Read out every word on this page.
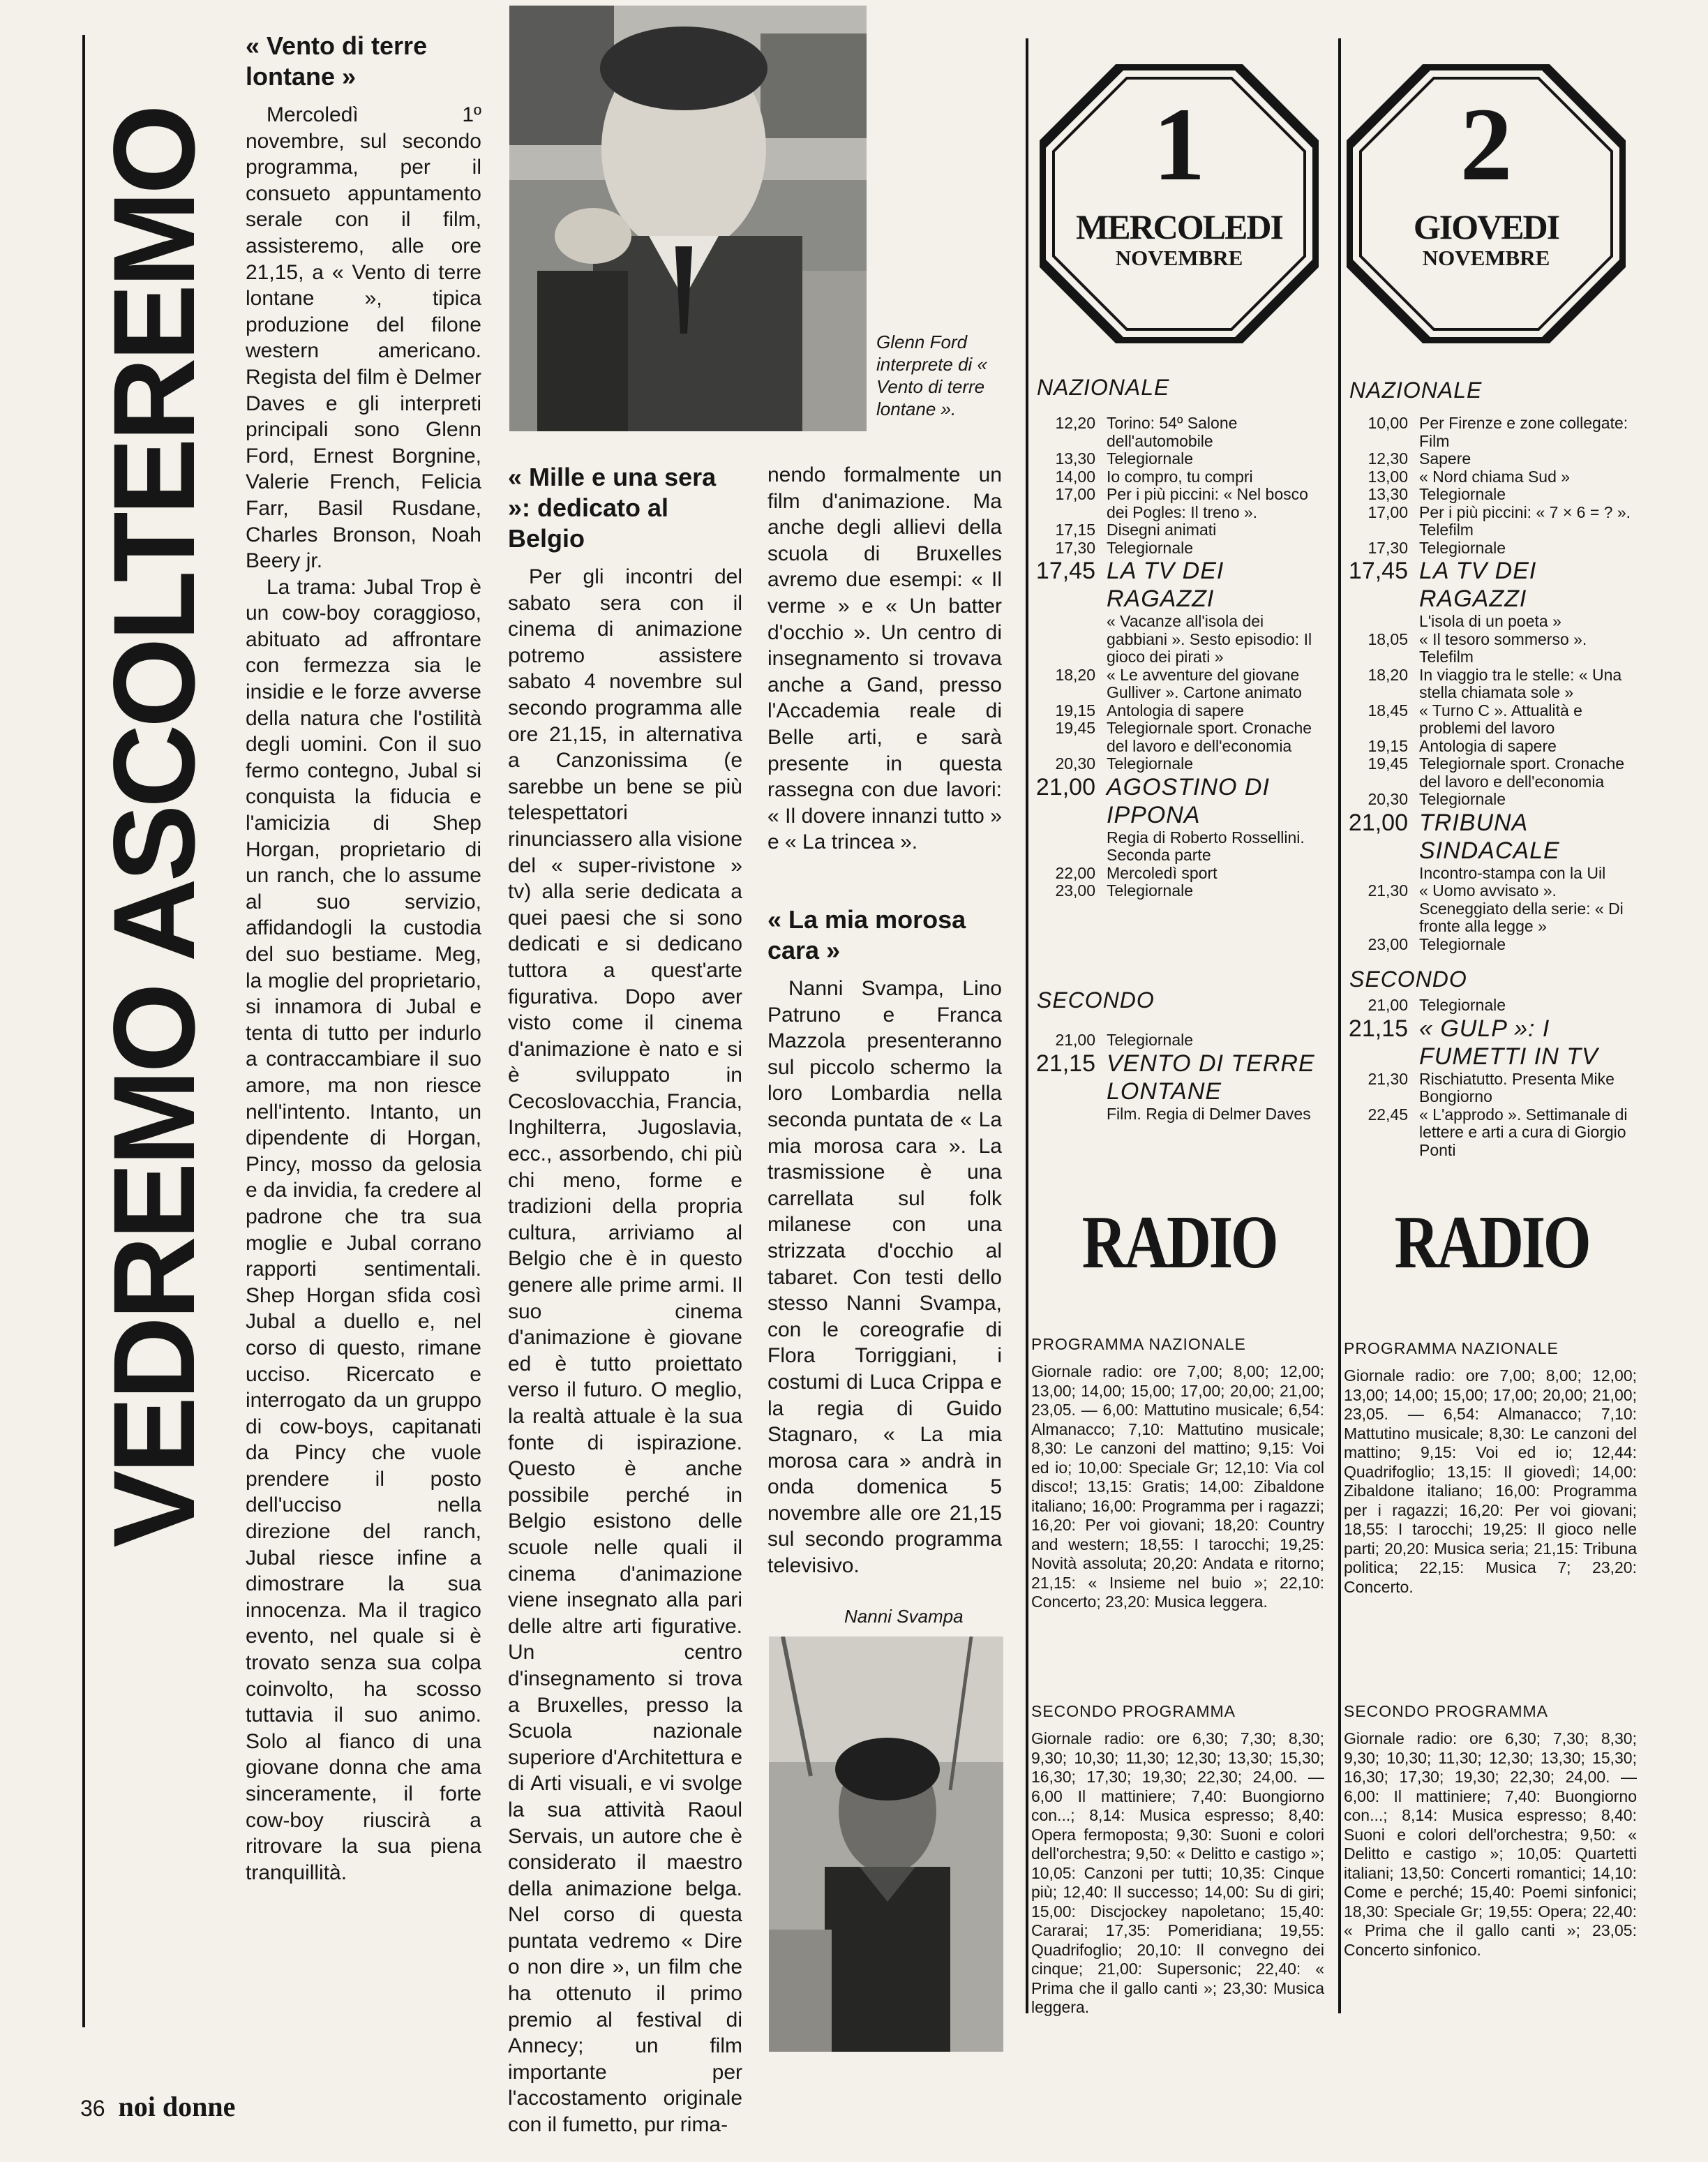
VEDREMO ASCOLTEREMO
« Vento di terre lontane »

Mercoledì 1º novembre, sul secondo programma, per il consueto appuntamento serale con il film, assisteremo, alle ore 21,15, a « Vento di terre lontane », tipica produzione del filone western americano. Regista del film è Delmer Daves e gli interpreti principali sono Glenn Ford, Ernest Borgnine, Valerie French, Felicia Farr, Basil Rusdane, Charles Bronson, Noah Beery jr.

La trama: Jubal Trop è un cow-boy coraggioso, abituato ad affrontare con fermezza sia le insidie e le forze avverse della natura che l'ostilità degli uomini. Con il suo fermo contegno, Jubal si conquista la fiducia e l'amicizia di Shep Horgan, proprietario di un ranch, che lo assume al suo servizio, affidandogli la custodia del suo bestiame. Meg, la moglie del proprietario, si innamora di Jubal e tenta di tutto per indurlo a contraccambiare il suo amore, ma non riesce nell'intento. Intanto, un dipendente di Horgan, Pincy, mosso da gelosia e da invidia, fa credere al padrone che tra sua moglie e Jubal corrano rapporti sentimentali. Shep Horgan sfida così Jubal a duello e, nel corso di questo, rimane ucciso. Ricercato e interrogato da un gruppo di cow-boys, capitanati da Pincy che vuole prendere il posto dell'ucciso nella direzione del ranch, Jubal riesce infine a dimostrare la sua innocenza. Ma il tragico evento, nel quale si è trovato senza sua colpa coinvolto, ha scosso tuttavia il suo animo. Solo al fianco di una giovane donna che ama sinceramente, il forte cow-boy riuscirà a ritrovare la sua piena tranquillità.

Glenn Ford interprete di « Vento di terre lontane ».
« Mille e una sera »: dedicato al Belgio

Per gli incontri del sabato sera con il cinema di animazione potremo assistere sabato 4 novembre sul secondo programma alle ore 21,15, in alternativa a Canzonissima (e sarebbe un bene se più telespettatori rinunciassero alla visione del « super-rivistone » tv) alla serie dedicata a quei paesi che si sono dedicati e si dedicano tuttora a quest'arte figurativa. Dopo aver visto come il cinema d'animazione è nato e si è sviluppato in Cecoslovacchia, Francia, Inghilterra, Jugoslavia, ecc., assorbendo, chi più chi meno, forme e tradizioni della propria cultura, arriviamo al Belgio che è in questo genere alle prime armi. Il suo cinema d'animazione è giovane ed è tutto proiettato verso il futuro. O meglio, la realtà attuale è la sua fonte di ispirazione. Questo è anche possibile perché in Belgio esistono delle scuole nelle quali il cinema d'animazione viene insegnato alla pari delle altre arti figurative. Un centro d'insegnamento si trova a Bruxelles, presso la Scuola nazionale superiore d'Architettura e di Arti visuali, e vi svolge la sua attività Raoul Servais, un autore che è considerato il maestro della animazione belga. Nel corso di questa puntata vedremo « Dire o non dire », un film che ha ottenuto il primo premio al festival di Annecy; un film importante per l'accostamento originale con il fumetto, pur rima-

nendo formalmente un film d'animazione. Ma anche degli allievi della scuola di Bruxelles avremo due esempi: « Il verme » e « Un batter d'occhio ». Un centro di insegnamento si trovava anche a Gand, presso l'Accademia reale di Belle arti, e sarà presente in questa rassegna con due lavori: « Il dovere innanzi tutto » e « La trincea ».

« La mia morosa cara »

Nanni Svampa, Lino Patruno e Franca Mazzola presenteranno sul piccolo schermo la loro Lombardia nella seconda puntata de « La mia morosa cara ». La trasmissione è una carrellata sul folk milanese con una strizzata d'occhio al tabaret. Con testi dello stesso Nanni Svampa, con le coreografie di Flora Torriggiani, i costumi di Luca Crippa e la regia di Guido Stagnaro, « La mia morosa cara » andrà in onda domenica 5 novembre alle ore 21,15 sul secondo programma televisivo.

Nanni Svampa
1
MERCOLEDI
NOVEMBRE
2
GIOVEDI
NOVEMBRE
NAZIONALE
12,20 Torino: 54º Salone dell'automobile
13,30 Telegiornale
14,00 Io compro, tu compri
17,00 Per i più piccini: « Nel bosco dei Pogles: Il treno ».
17,15 Disegni animati
17,30 Telegiornale
17,45 LA TV DEI RAGAZZI
« Vacanze all'isola dei gabbiani ». Sesto episodio: Il gioco dei pirati »
18,20 « Le avventure del giovane Gulliver ». Cartone animato
19,15 Antologia di sapere
19,45 Telegiornale sport. Cronache del lavoro e dell'economia
20,30 Telegiornale
21,00 AGOSTINO DI IPPONA
Regia di Roberto Rossellini. Seconda parte
22,00 Mercoledì sport
23,00 Telegiornale
SECONDO
21,00 Telegiornale
21,15 VENTO DI TERRE LONTANE
Film. Regia di Delmer Daves
NAZIONALE
10,00 Per Firenze e zone collegate: Film
12,30 Sapere
13,00 « Nord chiama Sud »
13,30 Telegiornale
17,00 Per i più piccini: « 7 × 6 = ? ». Telefilm
17,30 Telegiornale
17,45 LA TV DEI RAGAZZI
L'isola di un poeta »
18,05 « Il tesoro sommerso ». Telefilm
18,20 In viaggio tra le stelle: « Una stella chiamata sole »
18,45 « Turno C ». Attualità e problemi del lavoro
19,15 Antologia di sapere
19,45 Telegiornale sport. Cronache del lavoro e dell'economia
20,30 Telegiornale
21,00 TRIBUNA SINDACALE
Incontro-stampa con la Uil
21,30 « Uomo avvisato ». Sceneggiato della serie: « Di fronte alla legge »
23,00 Telegiornale
SECONDO
21,00 Telegiornale
21,15 « GULP »: I FUMETTI IN TV
21,30 Rischiatutto. Presenta Mike Bongiorno
22,45 « L'approdo ». Settimanale di lettere e arti a cura di Giorgio Ponti
RADIO
PROGRAMMA NAZIONALE
Giornale radio: ore 7,00; 8,00; 12,00; 13,00; 14,00; 15,00; 17,00; 20,00; 21,00; 23,05. — 6,00: Mattutino musicale; 6,54: Almanacco; 7,10: Mattutino musicale; 8,30: Le canzoni del mattino; 9,15: Voi ed io; 10,00: Speciale Gr; 12,10: Via col disco!; 13,15: Gratis; 14,00: Zibaldone italiano; 16,00: Programma per i ragazzi; 16,20: Per voi giovani; 18,20: Country and western; 18,55: I tarocchi; 19,25: Novità assoluta; 20,20: Andata e ritorno; 21,15: « Insieme nel buio »; 22,10: Concerto; 23,20: Musica leggera.
SECONDO PROGRAMMA
Giornale radio: ore 6,30; 7,30; 8,30; 9,30; 10,30; 11,30; 12,30; 13,30; 15,30; 16,30; 17,30; 19,30; 22,30; 24,00. — 6,00 Il mattiniere; 7,40: Buongiorno con...; 8,14: Musica espresso; 8,40: Opera fermoposta; 9,30: Suoni e colori dell'orchestra; 9,50: « Delitto e castigo »; 10,05: Canzoni per tutti; 10,35: Cinque più; 12,40: Il successo; 14,00: Su di giri; 15,00: Discjockey napoletano; 15,40: Cararai; 17,35: Pomeridiana; 19,55: Quadrifoglio; 20,10: Il convegno dei cinque; 21,00: Supersonic; 22,40: « Prima che il gallo canti »; 23,30: Musica leggera.
RADIO
PROGRAMMA NAZIONALE
Giornale radio: ore 7,00; 8,00; 12,00; 13,00; 14,00; 15,00; 17,00; 20,00; 21,00; 23,05. — 6,54: Almanacco; 7,10: Mattutino musicale; 8,30: Le canzoni del mattino; 9,15: Voi ed io; 12,44: Quadrifoglio; 13,15: Il giovedì; 14,00: Zibaldone italiano; 16,00: Programma per i ragazzi; 16,20: Per voi giovani; 18,55: I tarocchi; 19,25: Il gioco nelle parti; 20,20: Musica seria; 21,15: Tribuna politica; 22,15: Musica 7; 23,20: Concerto.
SECONDO PROGRAMMA
Giornale radio: ore 6,30; 7,30; 8,30; 9,30; 10,30; 11,30; 12,30; 13,30; 15,30; 16,30; 17,30; 19,30; 22,30; 24,00. — 6,00: Il mattiniere; 7,40: Buongiorno con...; 8,14: Musica espresso; 8,40: Suoni e colori dell'orchestra; 9,50: « Delitto e castigo »; 10,05: Quartetti italiani; 13,50: Concerti romantici; 14,10: Come e perché; 15,40: Poemi sinfonici; 18,30: Speciale Gr; 19,55: Opera; 22,40: « Prima che il gallo canti »; 23,05: Concerto sinfonico.
36 noi donne
